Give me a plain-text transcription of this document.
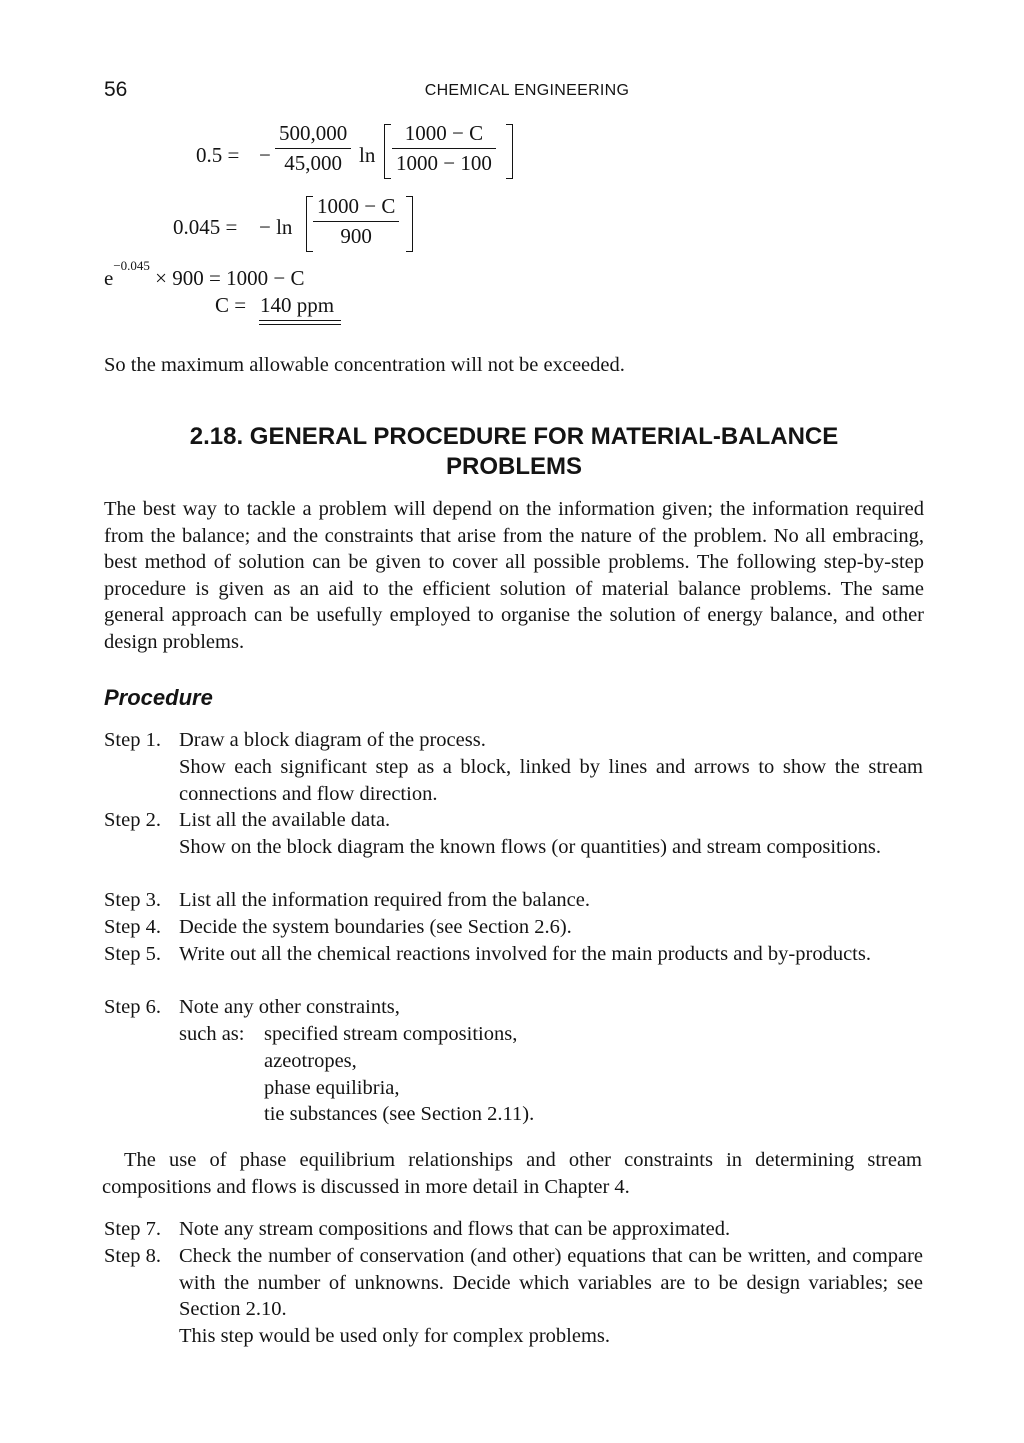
56	CHEMICAL ENGINEERING
0.5 = −
500,000
45,000 ln
1000 − C
1000 − 100
0.045 = − ln
1000 − C
900
$e^{-0.045} \times 900 = 1000 - C$
C = 140 ppm
So the maximum allowable concentration will not be exceeded.
2.18. GENERAL PROCEDURE FOR MATERIAL-BALANCE
PROBLEMS
The best way to tackle a problem will depend on the information given; the information required from the balance; and the constraints that arise from the nature of the problem. No all embracing, best method of solution can be given to cover all possible problems. The following step-by-step procedure is given as an aid to the efficient solution of material balance problems. The same general approach can be usefully employed to organise the solution of energy balance, and other design problems.
Procedure
Step 1. Draw a block diagram of the process.
Show each significant step as a block, linked by lines and arrows to show the stream connections and flow direction.
Step 2. List all the available data.
Show on the block diagram the known flows (or quantities) and stream compositions.
Step 3. List all the information required from the balance.
Step 4. Decide the system boundaries (see Section 2.6).
Step 5. Write out all the chemical reactions involved for the main products and by-products.
Step 6. Note any other constraints,
such as: specified stream compositions,
azeotropes,
phase equilibria,
tie substances (see Section 2.11).
The use of phase equilibrium relationships and other constraints in determining stream compositions and flows is discussed in more detail in Chapter 4.
Step 7. Note any stream compositions and flows that can be approximated.
Step 8. Check the number of conservation (and other) equations that can be written, and compare with the number of unknowns. Decide which variables are to be design variables; see Section 2.10.
This step would be used only for complex problems.
